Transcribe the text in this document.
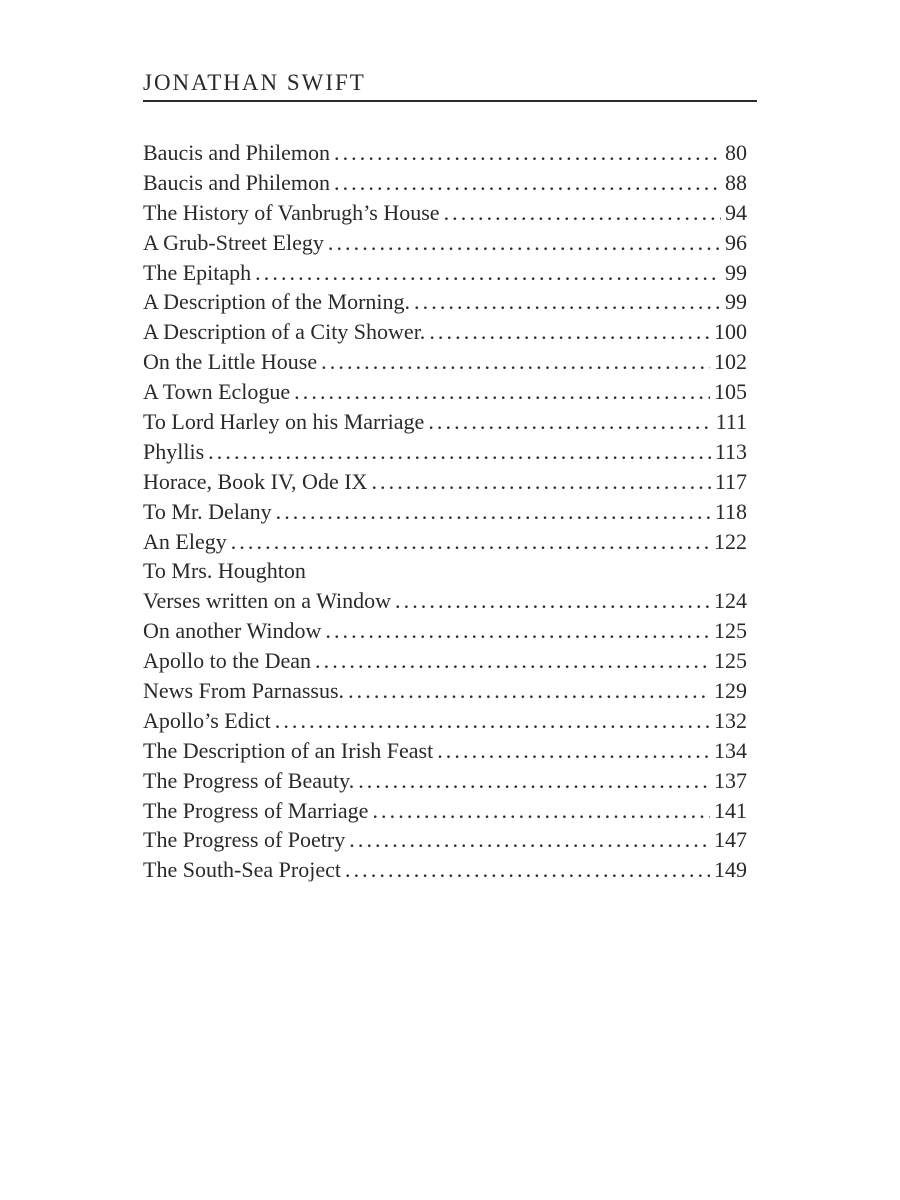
JONATHAN SWIFT
Baucis and Philemon . . .	80
Baucis and Philemon . . .	88
The History of Vanbrugh’s House . . .	94
A Grub-Street Elegy . . .	96
The Epitaph . . .	99
A Description of the Morning. . . .	99
A Description of a City Shower. . . .	100
On the Little House . . .	102
A Town Eclogue . . .	105
To Lord Harley on his Marriage . . .	111
Phyllis . . .	113
Horace, Book IV, Ode IX . . .	117
To Mr. Delany . . .	118
An Elegy . . .	122
To Mrs. Houghton
Verses written on a Window . . .	124
On another Window . . .	125
Apollo to the Dean . . .	125
News From Parnassus. . . .	129
Apollo’s Edict . . .	132
The Description of an Irish Feast . . .	134
The Progress of Beauty. . . .	137
The Progress of Marriage . . .	141
The Progress of Poetry . . .	147
The South-Sea Project . . .	149
